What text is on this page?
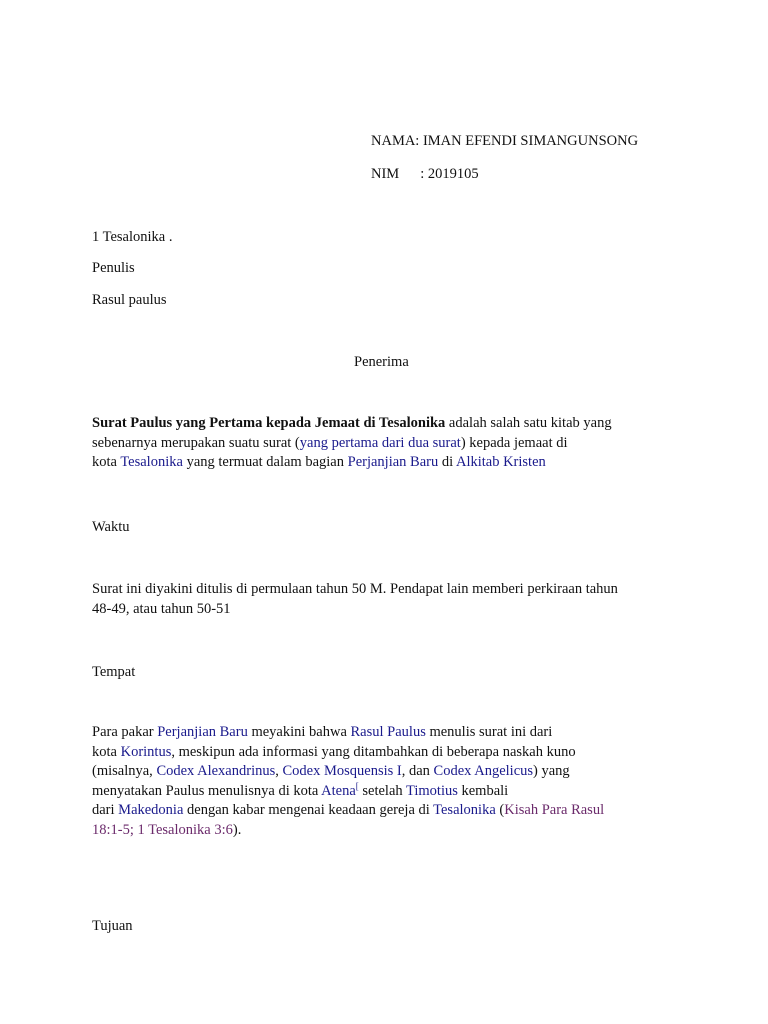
NAMA: IMAN EFENDI SIMANGUNSONG
NIM : 2019105
1 Tesalonika .
Penulis
Rasul paulus
Penerima
Surat Paulus yang Pertama kepada Jemaat di Tesalonika adalah salah satu kitab yang
sebenarnya merupakan suatu surat (yang pertama dari dua surat) kepada jemaat di
kota Tesalonika yang termuat dalam bagian Perjanjian Baru di Alkitab Kristen
Waktu
Surat ini diyakini ditulis di permulaan tahun 50 M. Pendapat lain memberi perkiraan tahun
48-49, atau tahun 50-51
Tempat
Para pakar Perjanjian Baru meyakini bahwa Rasul Paulus menulis surat ini dari
kota Korintus, meskipun ada informasi yang ditambahkan di beberapa naskah kuno
(misalnya, Codex Alexandrinus, Codex Mosquensis I, dan Codex Angelicus) yang
menyatakan Paulus menulisnya di kota Atena[ setelah Timotius kembali
dari Makedonia dengan kabar mengenai keadaan gereja di Tesalonika (Kisah Para Rasul
18:1-5; 1 Tesalonika 3:6).
Tujuan
